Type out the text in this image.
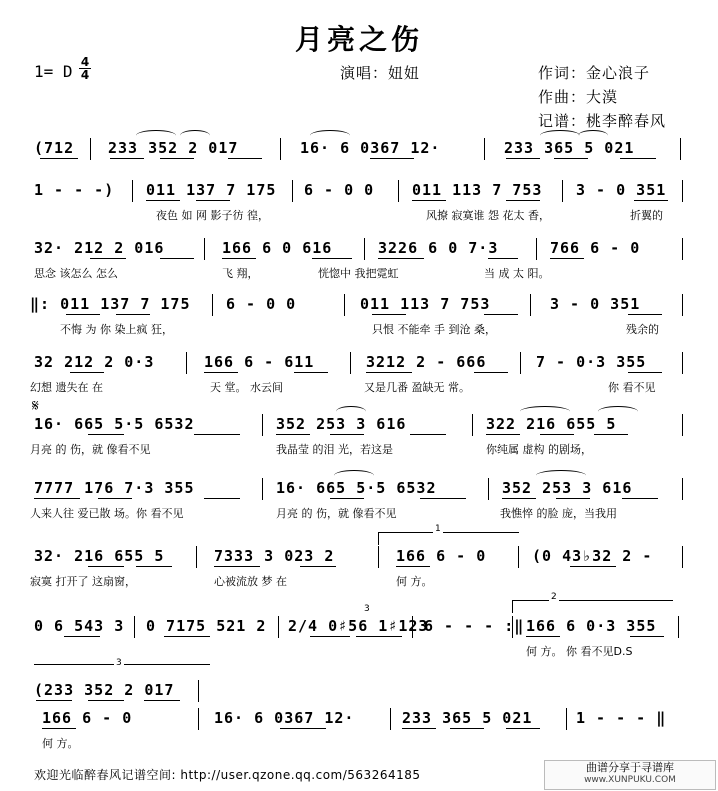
月亮之伤
1= D 4
4	演唱：妞妞	作词：金心浪子
作曲：大漠
记谱：桃李醉春风
(712 233 352 2 017	16· 6 0367 12·	233 365 5 021
1 - - -) 011 137 7 175 6 - 0 0	011 113 7 753 3 - 0 351
夜色 如 网 影子彷 徨，	风撩 寂寞谁 怨 花太 香，	折翼的
32· 212 2 016	166 6 0 616	3226 6 0 7·3	766 6 - 0
思念 该怎么 怎么	飞 翔，	恍惚中 我把霓虹	当 成 太 阳。
‖: 011 137 7 175 6 - 0 0	011 113 7 753	3 - 0 351
不悔 为 你 染上疯 狂，	只恨 不能牵 手 到沧 桑，	残余的
32 212 2 0·3	166 6 - 611	3212 2 - 666	7 - 0·3 355
幻想 遗失在 在	天 堂。 水云间	又是几番 盈缺无 常。	你 看不见
𝄋
16· 665 5·5 6532	352 253 3 616	322 216 655 5
月亮 的 伤，就 像看不见	我晶莹 的泪 光，若这是	你纯属 虚构 的剧场，
7777 176 7·3 355	16· 665 5·5 6532	352 253 3 616
人来人往 爱已散 场。你 看不见	月亮 的 伤，就 像看不见	我憔悴 的脸 庞，当我用
1
32· 216 655 5	7333 3 023 2	166 6 - 0	(0 43♭32 2 -
寂寞 打开了 这扇窗，	心被流放 梦 在	何 方。
2
3
0 6 543 3 0 7175 521 2 2/4 0♯56 1♯123
6 - - - :‖ 166 6 0·3 355
何 方。 你 看不见D.S
3
(233 352 2 017
166 6 - 0	16· 6 0367 12·	233 365 5 021	1 - - - ‖
何 方。
欢迎光临醉春风记谱空间: http://user.qzone.qq.com/563264185
曲谱分享于寻谱库
www.XUNPUKU.COM
